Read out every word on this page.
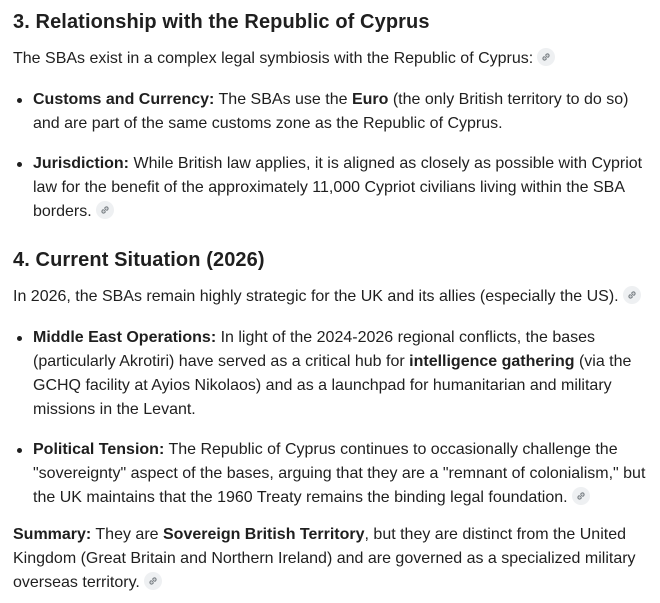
3. Relationship with the Republic of Cyprus

The SBAs exist in a complex legal symbiosis with the Republic of Cyprus:

Customs and Currency: The SBAs use the Euro (the only British territory to do so) and are part of the same customs zone as the Republic of Cyprus.
Jurisdiction: While British law applies, it is aligned as closely as possible with Cypriot law for the benefit of the approximately 11,000 Cypriot civilians living within the SBA borders.
4. Current Situation (2026)

In 2026, the SBAs remain highly strategic for the UK and its allies (especially the US).

Middle East Operations: In light of the 2024-2026 regional conflicts, the bases (particularly Akrotiri) have served as a critical hub for intelligence gathering (via the GCHQ facility at Ayios Nikolaos) and as a launchpad for humanitarian and military missions in the Levant.
Political Tension: The Republic of Cyprus continues to occasionally challenge the "sovereignty" aspect of the bases, arguing that they are a "remnant of colonialism," but the UK maintains that the 1960 Treaty remains the binding legal foundation.

Summary: They are Sovereign British Territory, but they are distinct from the United Kingdom (Great Britain and Northern Ireland) and are governed as a specialized military overseas territory.
